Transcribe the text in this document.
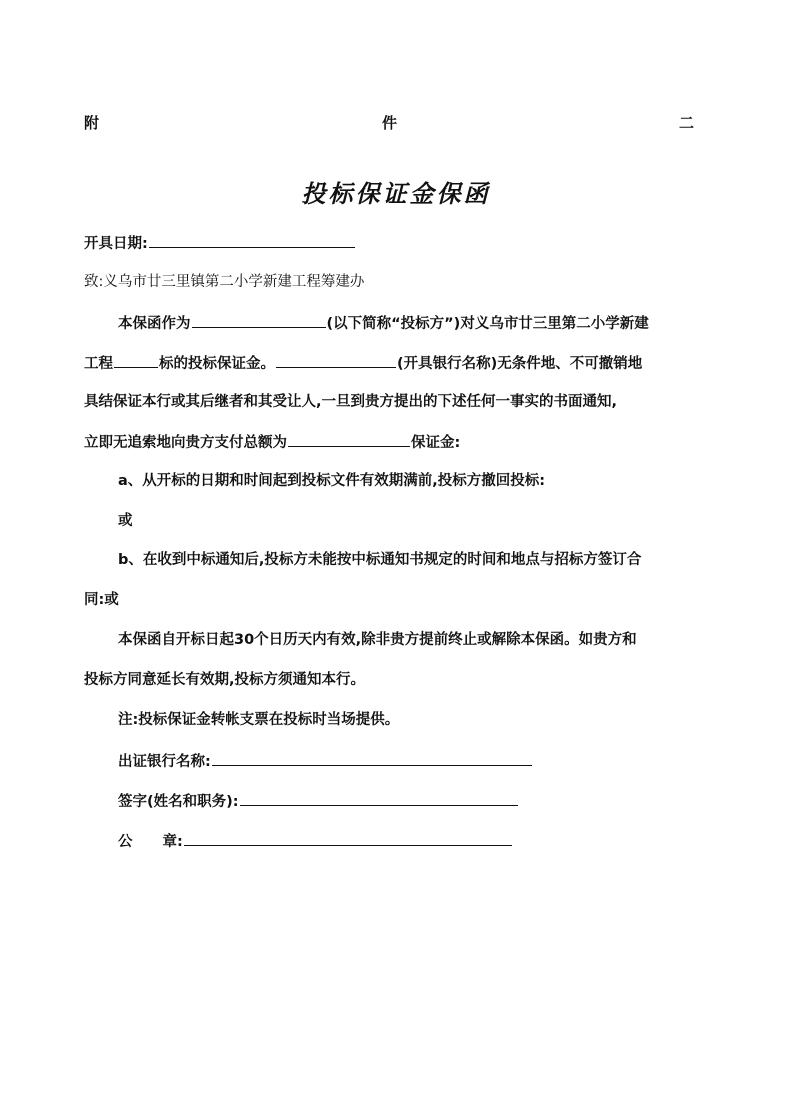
附	件	二
投标保证金保函
开具日期:
致:义乌市廿三里镇第二小学新建工程筹建办
本保函作为	(以下简称“投标方”)对义乌市廿三里第二小学新建
工程	标的投标保证金。	(开具银行名称)无条件地、不可撤销地
具结保证本行或其后继者和其受让人,一旦到贵方提出的下述任何一事实的书面通知,
立即无追索地向贵方支付总额为	保证金:
a、从开标的日期和时间起到投标文件有效期满前,投标方撤回投标:
或
b、在收到中标通知后,投标方未能按中标通知书规定的时间和地点与招标方签订合
同:或
本保函自开标日起30个日历天内有效,除非贵方提前终止或解除本保函。如贵方和
投标方同意延长有效期,投标方须通知本行。
注:投标保证金转帐支票在投标时当场提供。
出证银行名称:
签字(姓名和职务):
公 章:
